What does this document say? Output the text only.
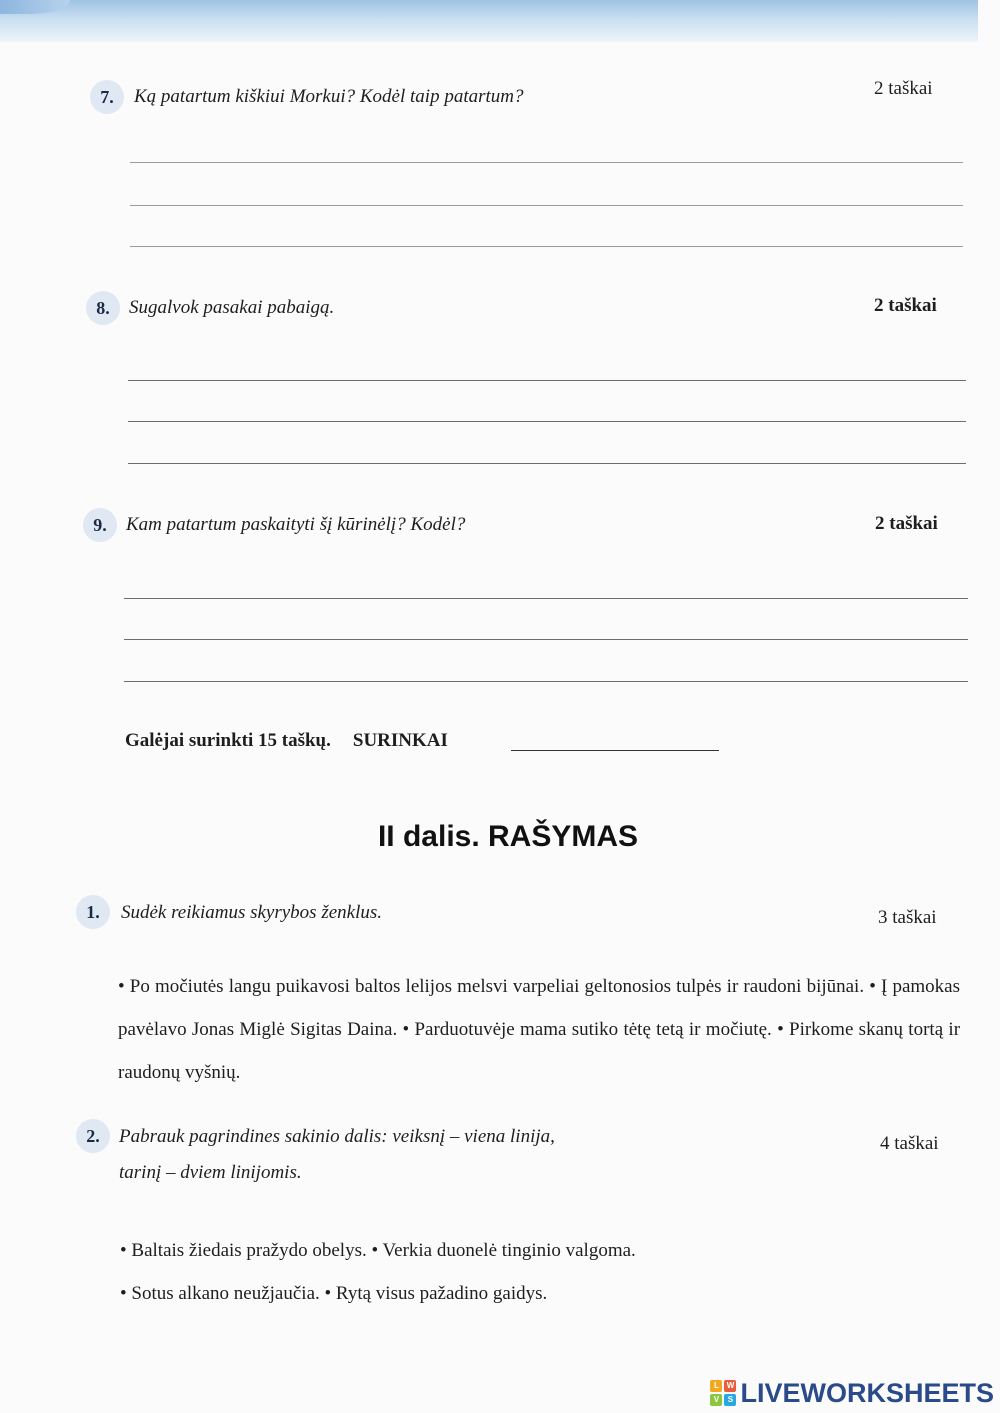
7.	Ką patartum kiškiui Morkui? Kodėl taip patartum?	2 taškai
8.	Sugalvok pasakai pabaigą.	2 taškai
9.	Kam patartum paskaityti šį kūrinėlį? Kodėl?	2 taškai
Galėjai surinkti 15 taškų. SURINKAI
II dalis. RAŠYMAS
1.	Sudėk reikiamus skyrybos ženklus.	3 taškai
• Po močiutės langu puikavosi baltos lelijos melsvi varpeliai geltonosios tulpės ir raudoni bijūnai. • Į pamokas pavėlavo Jonas Miglė Sigitas Daina. • Parduotuvėje mama sutiko tėtę tetą ir močiutę. • Pirkome skanų tortą ir raudonų vyšnių.
2.	Pabrauk pagrindines sakinio dalis: veiksnį – viena linija,
tarinį – dviem linijomis.
4 taškai
• Baltais žiedais pražydo obelys. • Verkia duonelė tinginio valgoma.
• Sotus alkano neužjaučia. • Rytą visus pažadino gaidys.
L W
V	S LIVEWORKSHEETS
